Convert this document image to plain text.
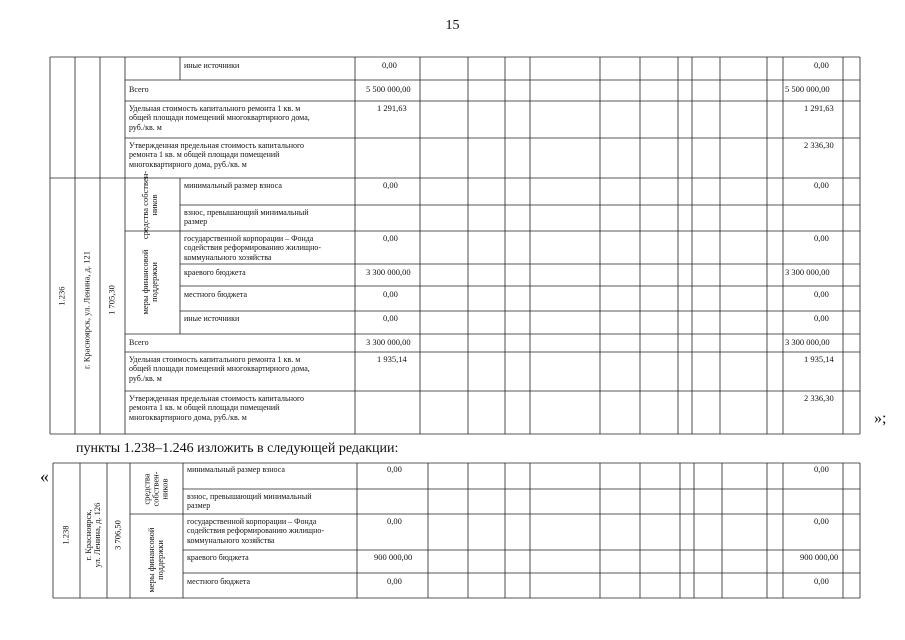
15
1.236 г. Красноярск, ул. Ленина, д. 121 1 705,30
средства собствен-
ников
меры финансовой
поддержки
иные источники
Всего
Удельная стоимость капитального ремонта 1 кв. м
общей площади помещений многоквартирного дома,
руб./кв. м
Утвержденная предельная стоимость капитального
ремонта 1 кв. м общей площади помещений
многоквартирного дома, руб./кв. м
минимальный размер взноса
взнос, превышающий минимальный
размер
государственной корпорации – Фонда
содействия реформированию жилищно-
коммунального хозяйства
краевого бюджета
местного бюджета
иные источники
Всего
Удельная стоимость капитального ремонта 1 кв. м
общей площади помещений многоквартирного дома,
руб./кв. м
Утвержденная предельная стоимость капитального
ремонта 1 кв. м общей площади помещений
многоквартирного дома, руб./кв. м
0,00
5 500 000,00
1 291,63
0,00
0,00
3 300 000,00
0,00
0,00
3 300 000,00
1 935,14
0,00
5 500 000,00
1 291,63
2 336,30
0,00
0,00
3 300 000,00
0,00
0,00
3 300 000,00
1 935,14
2 336,30
»;
пункты 1.238–1.246 изложить в следующей редакции:
«
1.238
г. Красноярск,
ул. Ленина, д. 126
3 706,50
средства
собствен-
ников
меры финансовой
поддержки
минимальный размер взноса
взнос, превышающий минимальный
размер
государственной корпорации – Фонда
содействия реформированию жилищно-
коммунального хозяйства
краевого бюджета
местного бюджета
0,00
0,00
900 000,00
0,00
0,00
0,00
900 000,00
0,00
